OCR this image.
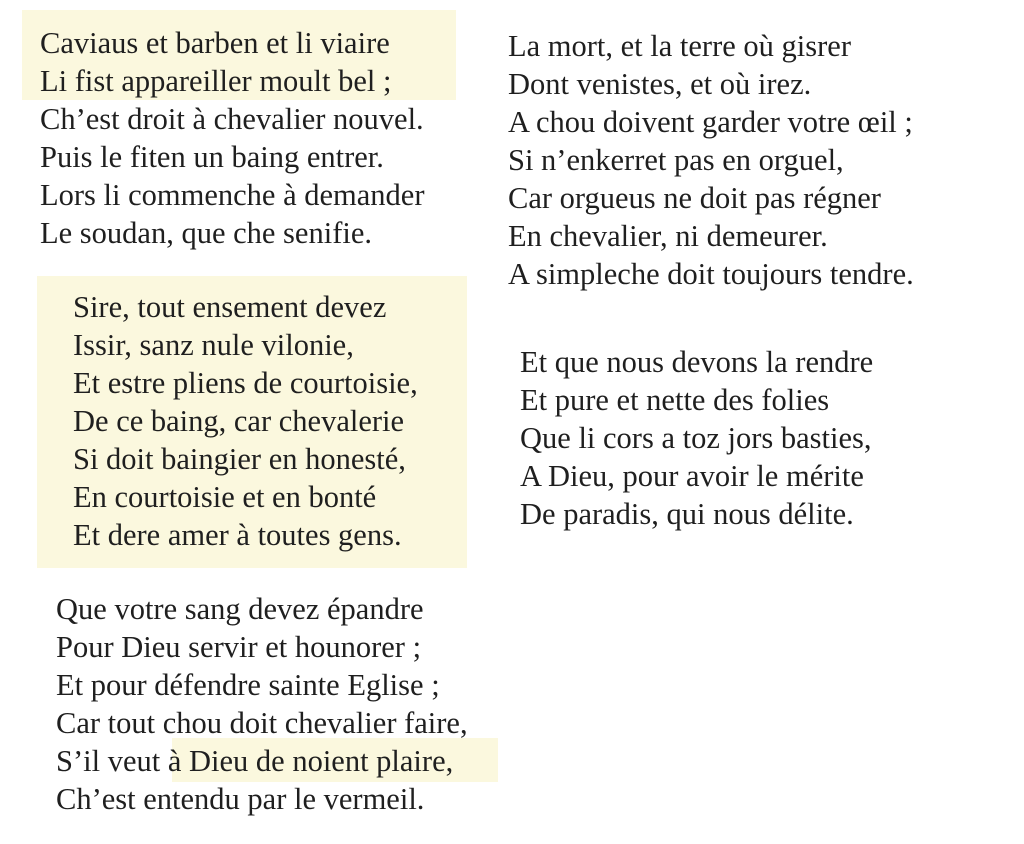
Caviaus et barben et li viaire
Li fist appareiller moult bel ;
Ch’est droit à chevalier nouvel.
Puis le fiten un baing entrer.
Lors li commenche à demander
Le soudan, que che senifie.
Sire, tout ensement devez
Issir, sanz nule vilonie,
Et estre pliens de courtoisie,
De ce baing, car chevalerie
Si doit baingier en honesté,
En courtoisie et en bonté
Et dere amer à toutes gens.
Que votre sang devez épandre
Pour Dieu servir et hounorer ;
Et pour défendre sainte Eglise ;
Car tout chou doit chevalier faire,
S’il veut à Dieu de noient plaire,
Ch’est entendu par le vermeil.
La mort, et la terre où gisrer
Dont venistes, et où irez.
A chou doivent garder votre œil ;
Si n’enkerret pas en orguel,
Car orgueus ne doit pas régner
En chevalier, ni demeurer.
A simpleche doit toujours tendre.
Et que nous devons la rendre
Et pure et nette des folies
Que li cors a toz jors basties,
A Dieu, pour avoir le mérite
De paradis, qui nous délite.
